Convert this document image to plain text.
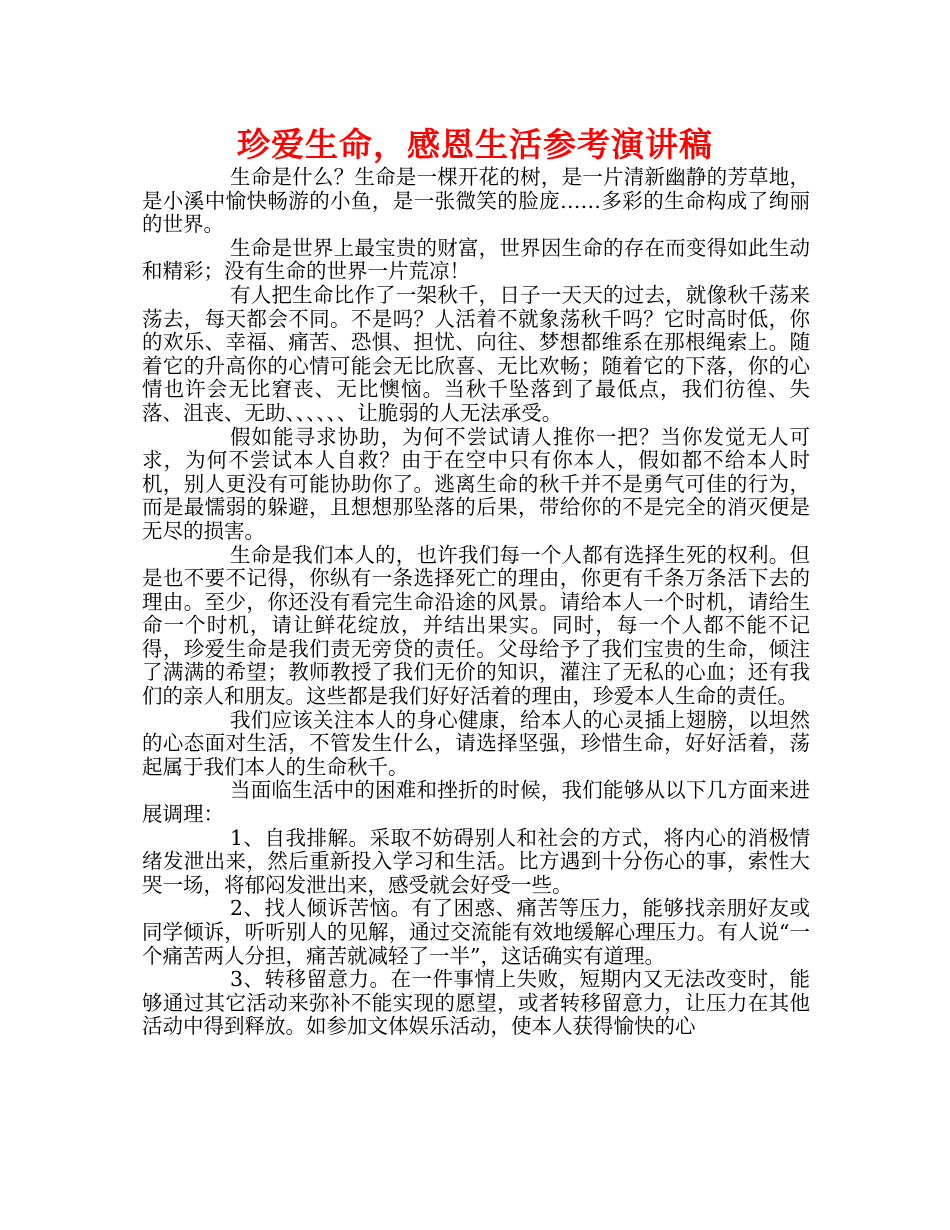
珍爱生命，感恩生活参考演讲稿

生命是什么？生命是一棵开花的树，是一片清新幽静的芳草地，是小溪中愉快畅游的小鱼，是一张微笑的脸庞……多彩的生命构成了绚丽的世界。

生命是世界上最宝贵的财富，世界因生命的存在而变得如此生动和精彩；没有生命的世界一片荒凉！

有人把生命比作了一架秋千，日子一天天的过去，就像秋千荡来荡去，每天都会不同。不是吗？人活着不就象荡秋千吗？它时高时低，你的欢乐、幸福、痛苦、恐惧、担忧、向往、梦想都维系在那根绳索上。随着它的升高你的心情可能会无比欣喜、无比欢畅；随着它的下落，你的心情也许会无比窘丧、无比懊恼。当秋千坠落到了最低点，我们彷徨、失落、沮丧、无助、、、、、、让脆弱的人无法承受。

假如能寻求协助，为何不尝试请人推你一把？当你发觉无人可求，为何不尝试本人自救？由于在空中只有你本人，假如都不给本人时机，别人更没有可能协助你了。逃离生命的秋千并不是勇气可佳的行为，而是最懦弱的躲避，且想想那坠落的后果，带给你的不是完全的消灭便是无尽的损害。

生命是我们本人的，也许我们每一个人都有选择生死的权利。但是也不要不记得，你纵有一条选择死亡的理由，你更有千条万条活下去的理由。至少，你还没有看完生命沿途的风景。请给本人一个时机，请给生命一个时机，请让鲜花绽放，并结出果实。同时，每一个人都不能不记得，珍爱生命是我们责无旁贷的责任。父母给予了我们宝贵的生命，倾注了满满的希望；教师教授了我们无价的知识，灌注了无私的心血；还有我们的亲人和朋友。这些都是我们好好活着的理由，珍爱本人生命的责任。

我们应该关注本人的身心健康，给本人的心灵插上翅膀，以坦然的心态面对生活，不管发生什么，请选择坚强，珍惜生命，好好活着，荡起属于我们本人的生命秋千。

当面临生活中的困难和挫折的时候，我们能够从以下几方面来进展调理：

1、自我排解。采取不妨碍别人和社会的方式，将内心的消极情绪发泄出来，然后重新投入学习和生活。比方遇到十分伤心的事，索性大哭一场，将郁闷发泄出来，感受就会好受一些。

2、找人倾诉苦恼。有了困惑、痛苦等压力，能够找亲朋好友或同学倾诉，听听别人的见解，通过交流能有效地缓解心理压力。有人说“一个痛苦两人分担，痛苦就减轻了一半”，这话确实有道理。

3、转移留意力。在一件事情上失败，短期内又无法改变时，能够通过其它活动来弥补不能实现的愿望，或者转移留意力，让压力在其他活动中得到释放。如参加文体娱乐活动，使本人获得愉快的心
